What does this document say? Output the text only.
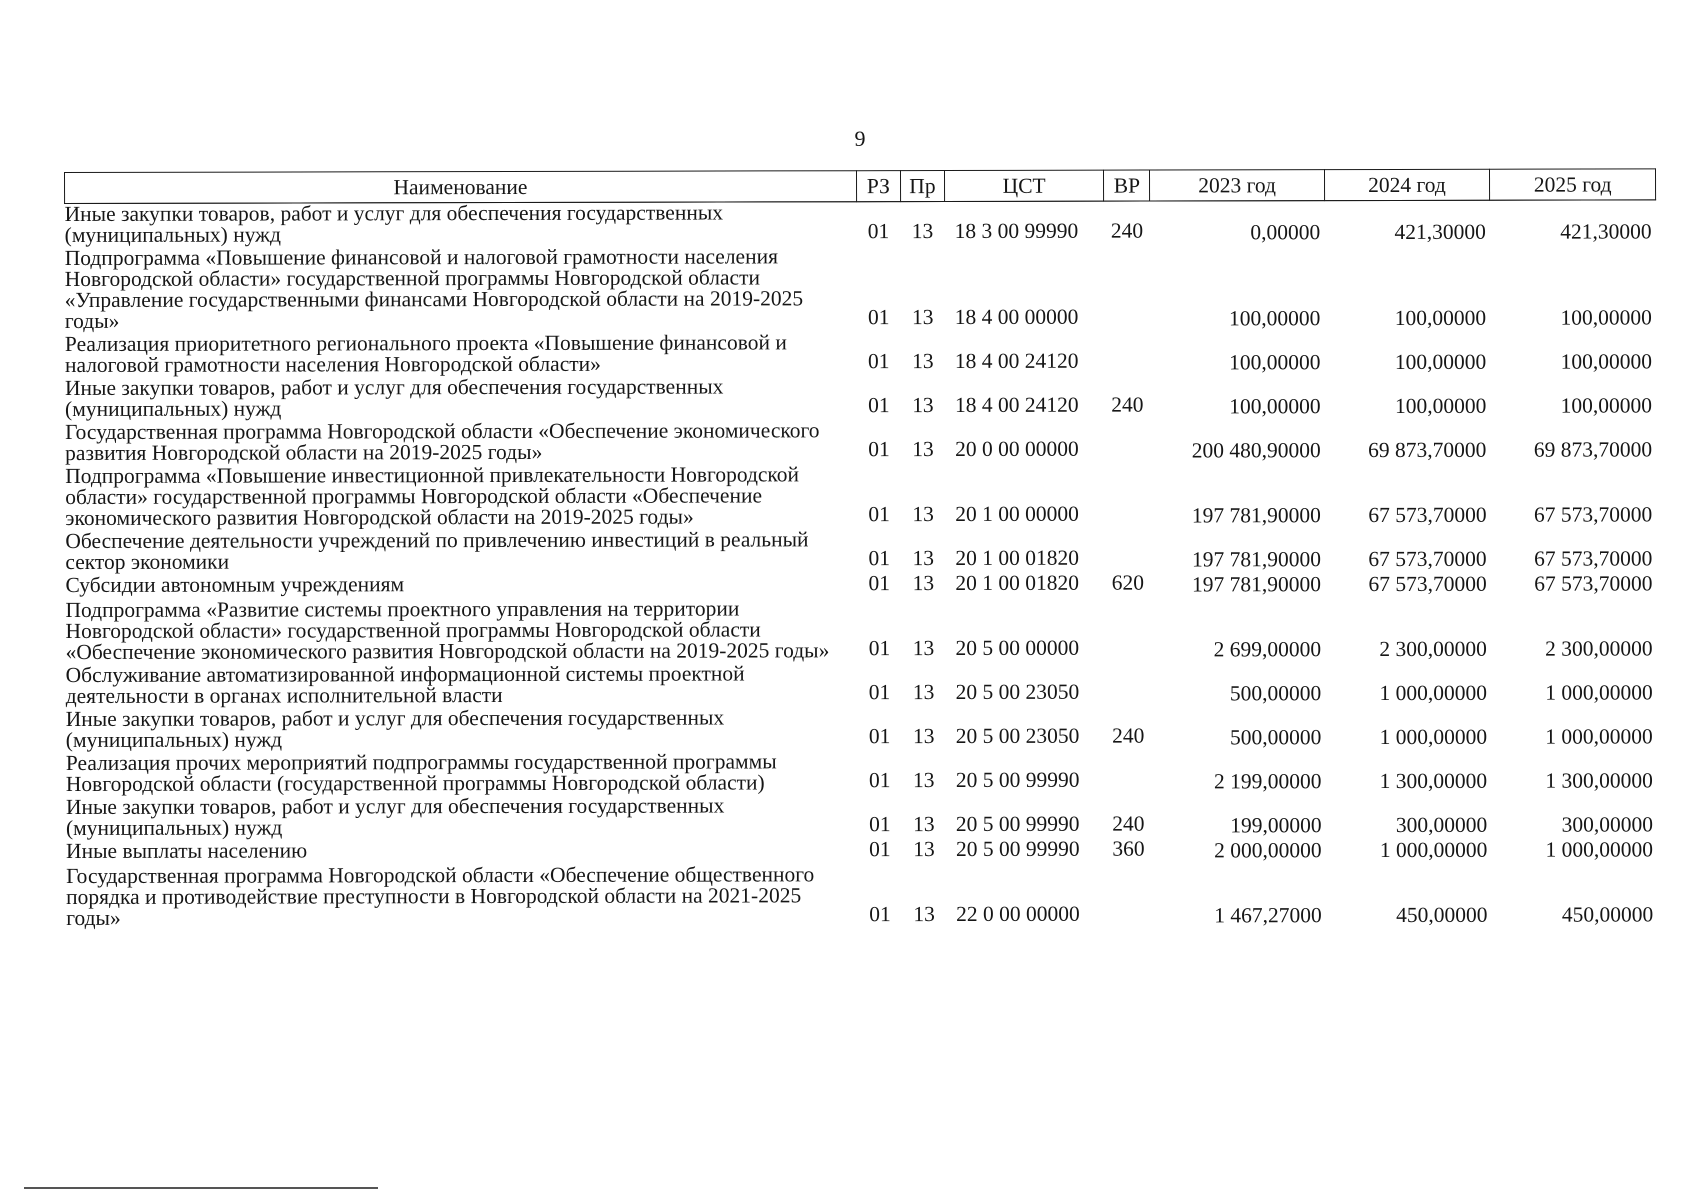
9
Наименование	РЗ	Пр	ЦСТ	ВР	2023 год	2024 год	2025 год
Иные закупки товаров, работ и услуг для обеспечения государственных (муниципальных) нужд	01	13	18 3 00 99990	240	0,00000	421,30000	421,30000
Подпрограмма «Повышение финансовой и налоговой грамотности населения Новгородской области» государственной программы Новгородской области «Управление государственными финансами Новгородской области на 2019-2025 годы»	01	13	18 4 00 00000		100,00000	100,00000	100,00000
Реализация приоритетного регионального проекта «Повышение финансовой и налоговой грамотности населения Новгородской области»	01	13	18 4 00 24120		100,00000	100,00000	100,00000
Иные закупки товаров, работ и услуг для обеспечения государственных (муниципальных) нужд	01	13	18 4 00 24120	240	100,00000	100,00000	100,00000
Государственная программа Новгородской области «Обеспечение экономического развития Новгородской области на 2019-2025 годы»	01	13	20 0 00 00000		200 480,90000	69 873,70000	69 873,70000
Подпрограмма «Повышение инвестиционной привлекательности Новгородской области» государственной программы Новгородской области «Обеспечение экономического развития Новгородской области на 2019-2025 годы»	01	13	20 1 00 00000		197 781,90000	67 573,70000	67 573,70000
Обеспечение деятельности учреждений по привлечению инвестиций в реальный сектор экономики	01	13	20 1 00 01820		197 781,90000	67 573,70000	67 573,70000
Субсидии автономным учреждениям	01	13	20 1 00 01820	620	197 781,90000	67 573,70000	67 573,70000
Подпрограмма «Развитие системы проектного управления на территории Новгородской области» государственной программы Новгородской области «Обеспечение экономического развития Новгородской области на 2019-2025 годы»	01	13	20 5 00 00000		2 699,00000	2 300,00000	2 300,00000
Обслуживание автоматизированной информационной системы проектной деятельности в органах исполнительной власти	01	13	20 5 00 23050		500,00000	1 000,00000	1 000,00000
Иные закупки товаров, работ и услуг для обеспечения государственных (муниципальных) нужд	01	13	20 5 00 23050	240	500,00000	1 000,00000	1 000,00000
Реализация прочих мероприятий подпрограммы государственной программы Новгородской области (государственной программы Новгородской области)	01	13	20 5 00 99990		2 199,00000	1 300,00000	1 300,00000
Иные закупки товаров, работ и услуг для обеспечения государственных (муниципальных) нужд	01	13	20 5 00 99990	240	199,00000	300,00000	300,00000
Иные выплаты населению	01	13	20 5 00 99990	360	2 000,00000	1 000,00000	1 000,00000
Государственная программа Новгородской области «Обеспечение общественного порядка и противодействие преступности в Новгородской области на 2021-2025 годы»	01	13	22 0 00 00000		1 467,27000	450,00000	450,00000
